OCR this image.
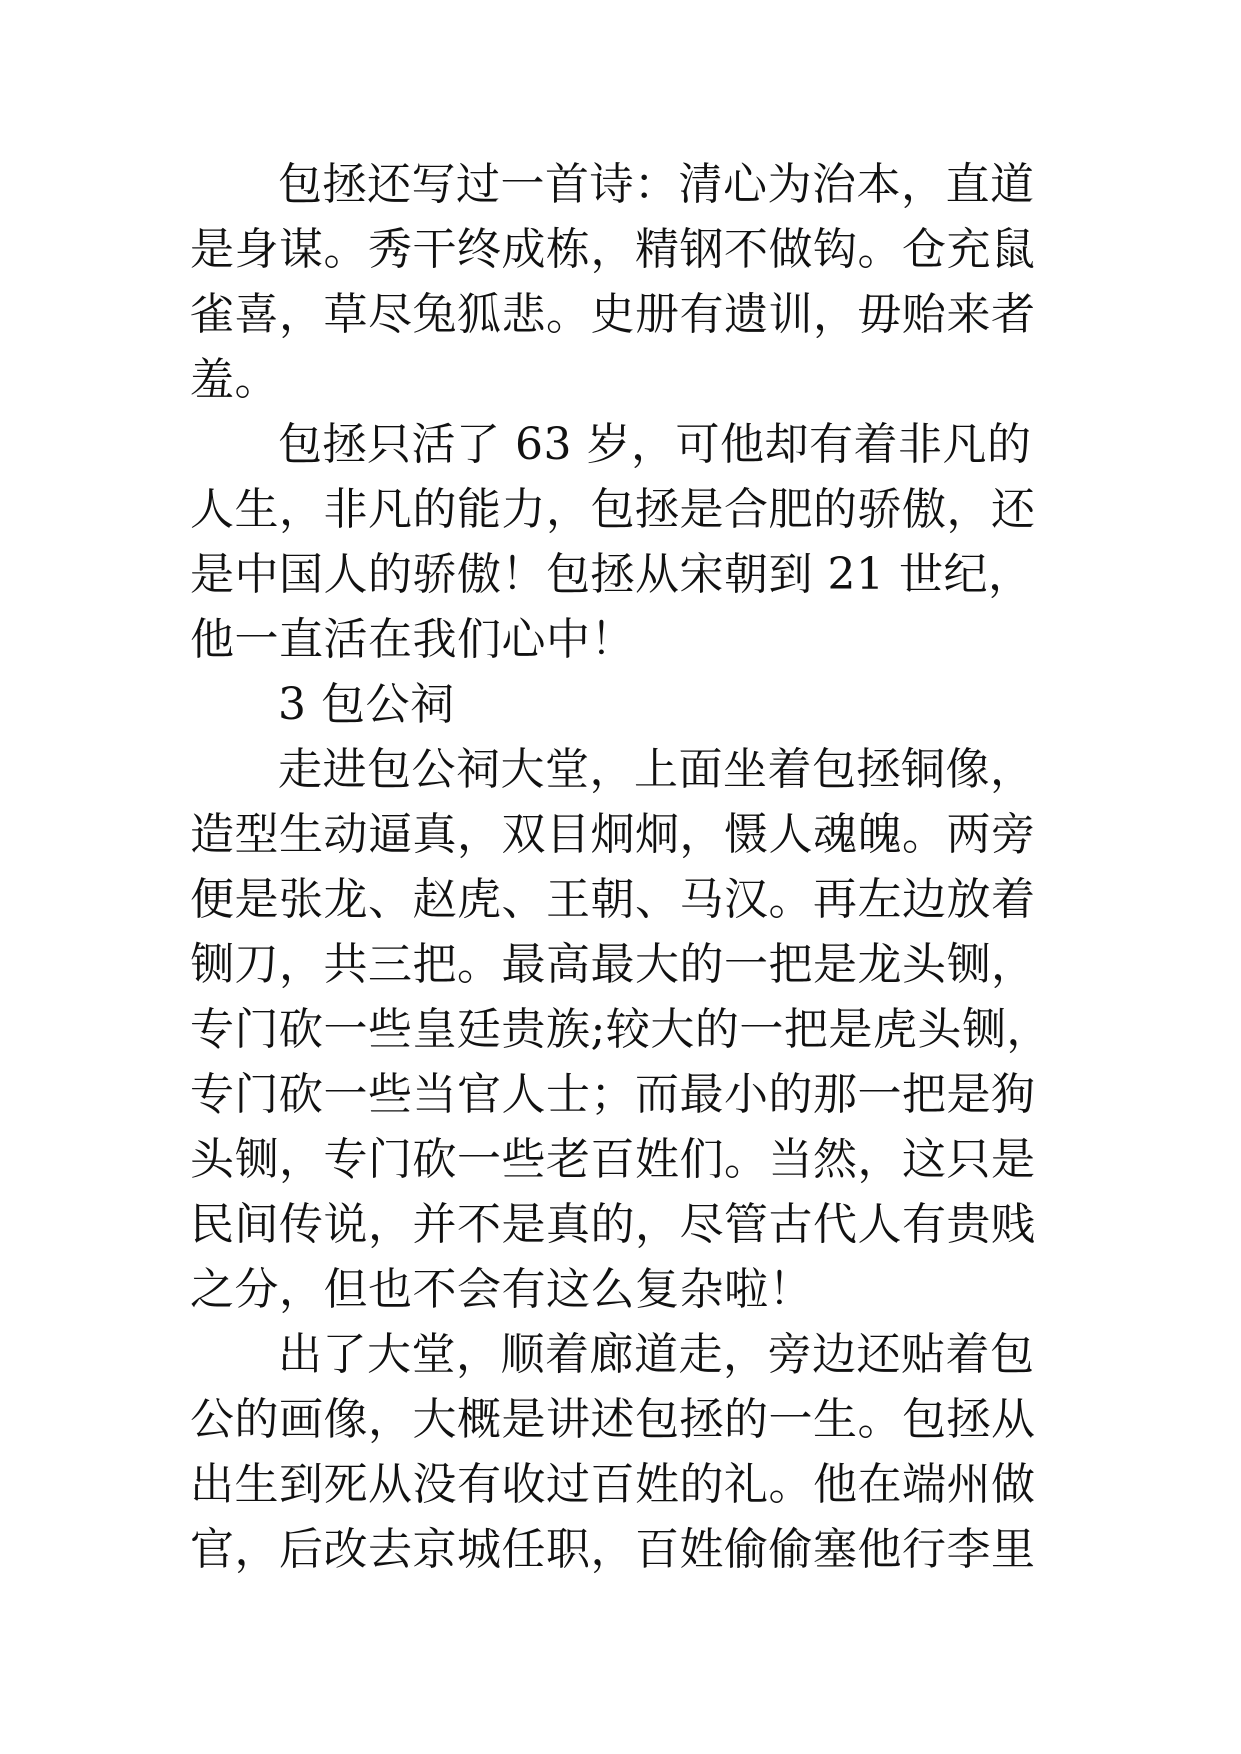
包拯还写过一首诗：清心为治本，直道
是身谋。秀干终成栋，精钢不做钩。仓充鼠
雀喜，草尽兔狐悲。史册有遗训，毋贻来者
羞。
包拯只活了 63 岁，可他却有着非凡的
人生，非凡的能力，包拯是合肥的骄傲，还
是中国人的骄傲！包拯从宋朝到 21 世纪，
他一直活在我们心中！
3 包公祠
走进包公祠大堂，上面坐着包拯铜像，
造型生动逼真，双目炯炯，慑人魂魄。两旁
便是张龙、赵虎、王朝、马汉。再左边放着
铡刀，共三把。最高最大的一把是龙头铡，
专门砍一些皇廷贵族;较大的一把是虎头铡，
专门砍一些当官人士；而最小的那一把是狗
头铡，专门砍一些老百姓们。当然，这只是
民间传说，并不是真的，尽管古代人有贵贱
之分，但也不会有这么复杂啦！
出了大堂，顺着廊道走，旁边还贴着包
公的画像，大概是讲述包拯的一生。包拯从
出生到死从没有收过百姓的礼。他在端州做
官，后改去京城任职，百姓偷偷塞他行李里
